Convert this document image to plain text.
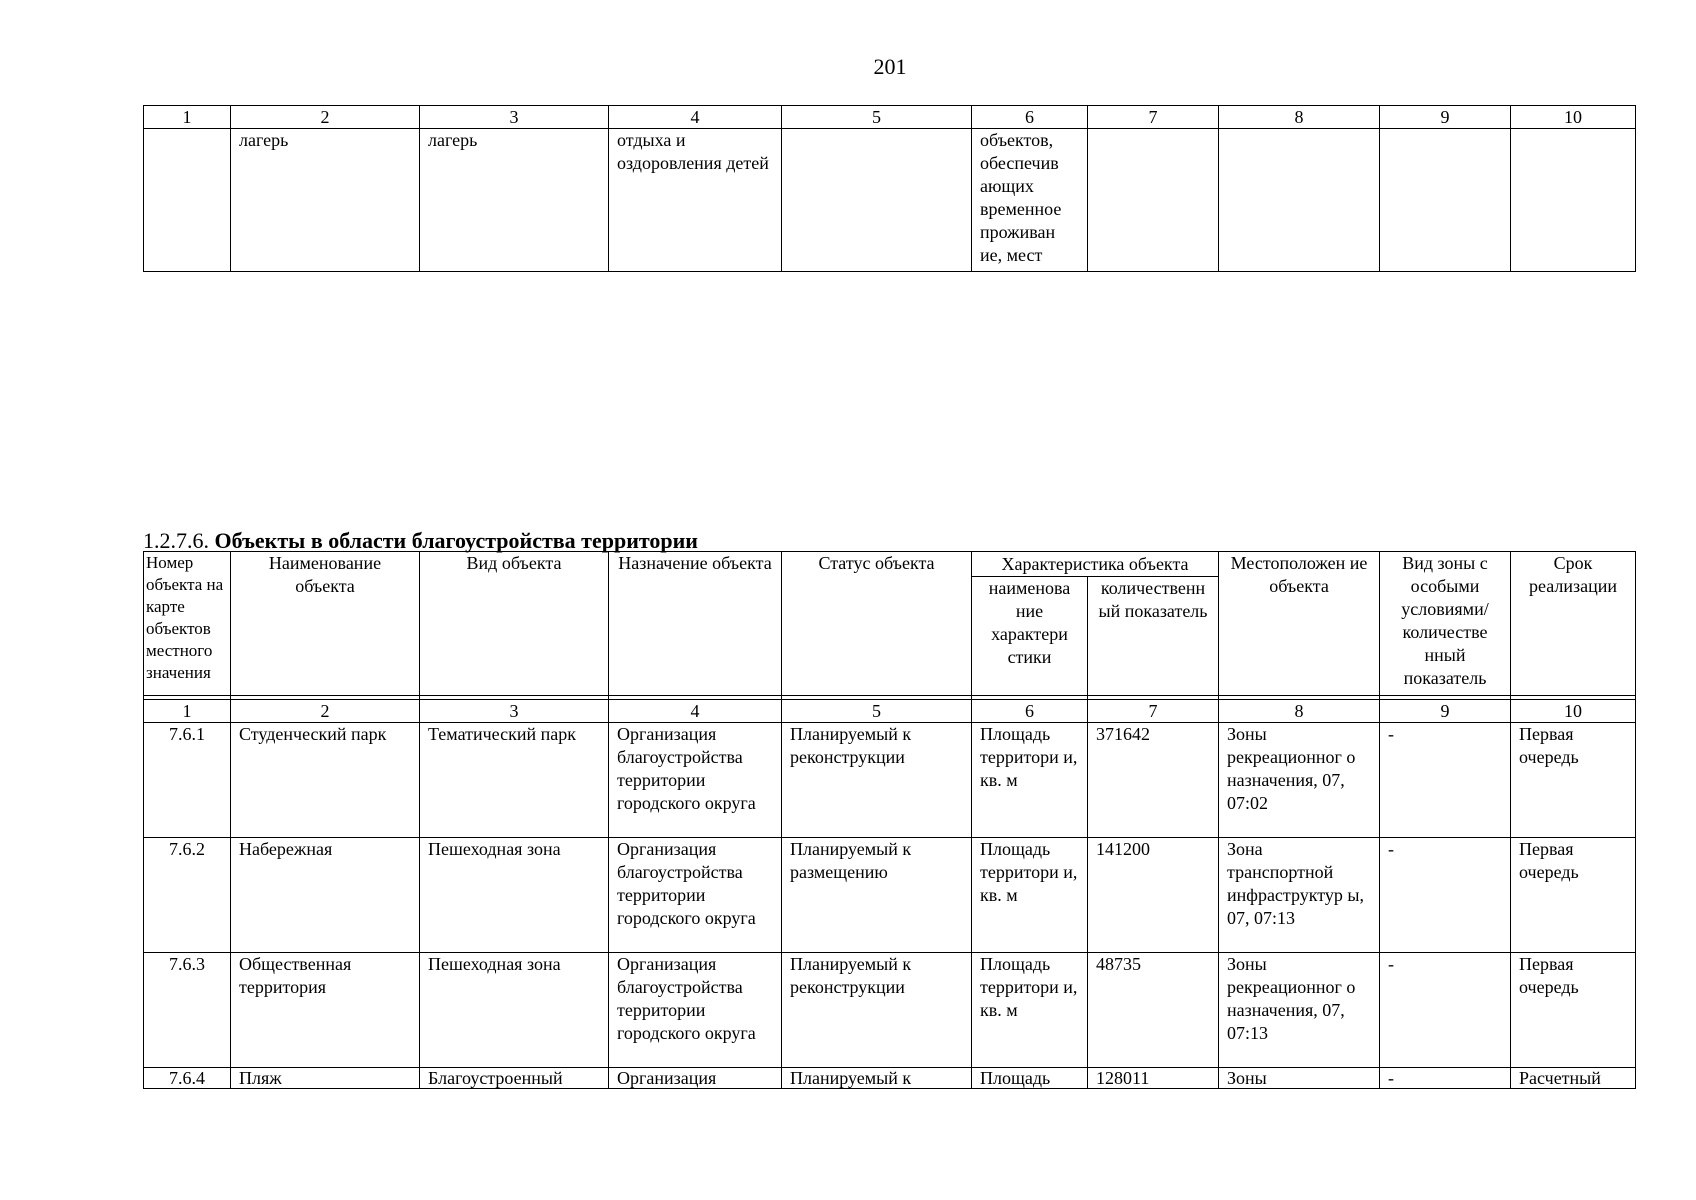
201
1	2	3	4	5	6	7	8	9	10
	лагерь	лагерь	отдыха и оздоровления детей		объектов, обеспечив ающих временное проживан ие, мест				
1.2.7.6. Объекты в области благоустройства территории
Номер объекта на карте объектов местного значения	Наименование объекта	Вид объекта	Назначение объекта	Статус объекта	Характеристика объекта		Местоположен ие объекта	Вид зоны с особыми условиями/ количестве нный показатель	Срок реализации
					наименова ние характери стики	количественн ый показатель			

1	2	3	4	5	6	7	8	9	10
7.6.1	Студенческий парк	Тематический парк	Организация благоустройства территории городского округа	Планируемый к реконструкции	Площадь территори и, кв. м	371642	Зоны рекреационног о назначения, 07, 07:02	-	Первая очередь
7.6.2	Набережная	Пешеходная зона	Организация благоустройства территории городского округа	Планируемый к размещению	Площадь территори и, кв. м	141200	Зона транспортной инфраструктур ы, 07, 07:13	-	Первая очередь
7.6.3	Общественная территория	Пешеходная зона	Организация благоустройства территории городского округа	Планируемый к реконструкции	Площадь территори и, кв. м	48735	Зоны рекреационног о назначения, 07, 07:13	-	Первая очередь
7.6.4	Пляж	Благоустроенный	Организация	Планируемый к	Площадь	128011	Зоны	-	Расчетный
